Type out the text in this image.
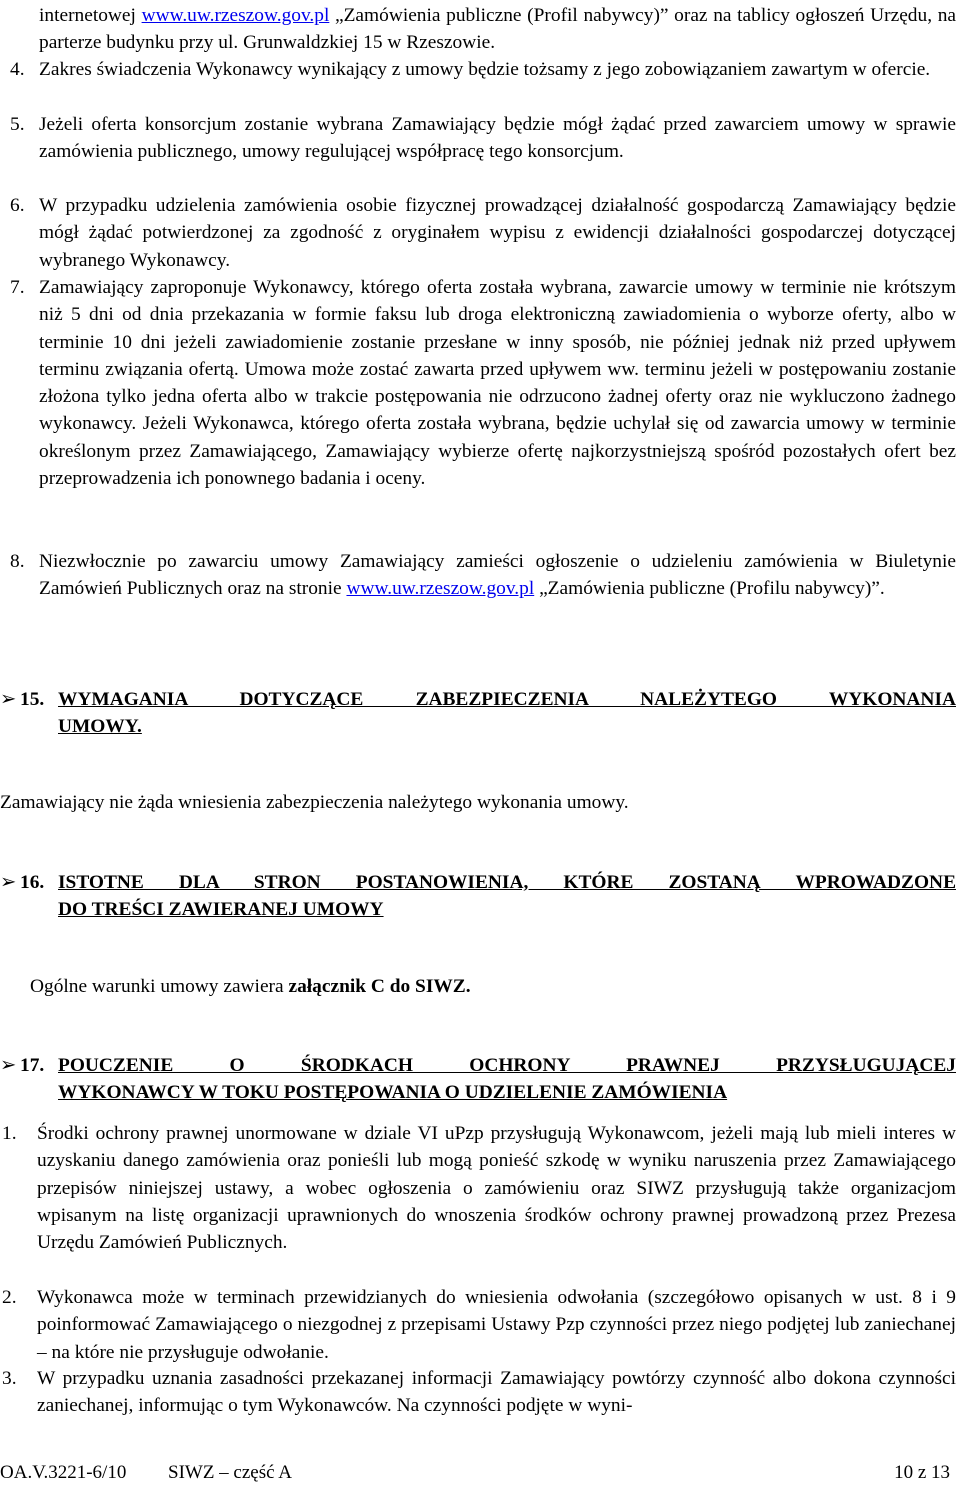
internetowej www.uw.rzeszow.gov.pl „Zamówienia publiczne (Profil nabywcy)” oraz na tablicy ogłoszeń Urzędu, na parterze budynku przy ul. Grunwaldzkiej 15 w Rzeszowie.
4. Zakres świadczenia Wykonawcy wynikający z umowy będzie tożsamy z jego zobowiązaniem zawartym w ofercie.
5. Jeżeli oferta konsorcjum zostanie wybrana Zamawiający będzie mógł żądać przed zawarciem umowy w sprawie zamówienia publicznego, umowy regulującej współpracę tego konsorcjum.
6. W przypadku udzielenia zamówienia osobie fizycznej prowadzącej działalność gospodarczą Zamawiający będzie mógł żądać potwierdzonej za zgodność z oryginałem wypisu z ewidencji działalności gospodarczej dotyczącej wybranego Wykonawcy.
7. Zamawiający zaproponuje Wykonawcy, którego oferta została wybrana, zawarcie umowy w terminie nie krótszym niż 5 dni od dnia przekazania w formie faksu lub droga elektroniczną zawiadomienia o wyborze oferty, albo w terminie 10 dni jeżeli zawiadomienie zostanie przesłane w inny sposób, nie później jednak niż przed upływem terminu związania ofertą. Umowa może zostać zawarta przed upływem ww. terminu jeżeli w postępowaniu zostanie złożona tylko jedna oferta albo w trakcie postępowania nie odrzucono żadnej oferty oraz nie wykluczono żadnego wykonawcy. Jeżeli Wykonawca, którego oferta została wybrana, będzie uchylał się od zawarcia umowy w terminie określonym przez Zamawiającego, Zamawiający wybierze ofertę najkorzystniejszą spośród pozostałych ofert bez przeprowadzenia ich ponownego badania i oceny.
8. Niezwłocznie po zawarciu umowy Zamawiający zamieści ogłoszenie o udzieleniu zamówienia w Biuletynie Zamówień Publicznych oraz na stronie www.uw.rzeszow.gov.pl „Zamówienia publiczne (Profilu nabywcy)”.
➢ 15. WYMAGANIA DOTYCZĄCE ZABEZPIECZENIA NALEŻYTEGO WYKONANIA
UMOWY.
Zamawiający nie żąda wniesienia zabezpieczenia należytego wykonania umowy.
➢ 16. ISTOTNE DLA STRON POSTANOWIENIA, KTÓRE ZOSTANĄ WPROWADZONE
DO TREŚCI ZAWIERANEJ UMOWY
Ogólne warunki umowy zawiera załącznik C do SIWZ.
➢ 17. POUCZENIE O ŚRODKACH OCHRONY PRAWNEJ PRZYSŁUGUJĄCEJ
WYKONAWCY W TOKU POSTĘPOWANIA O UDZIELENIE ZAMÓWIENIA
1. Środki ochrony prawnej unormowane w dziale VI uPzp przysługują Wykonawcom, jeżeli mają lub mieli interes w uzyskaniu danego zamówienia oraz ponieśli lub mogą ponieść szkodę w wyniku naruszenia przez Zamawiającego przepisów niniejszej ustawy, a wobec ogłoszenia o zamówieniu oraz SIWZ przysługują także organizacjom wpisanym na listę organizacji uprawnionych do wnoszenia środków ochrony prawnej prowadzoną przez Prezesa Urzędu Zamówień Publicznych.
2. Wykonawca może w terminach przewidzianych do wniesienia odwołania (szczegółowo opisanych w ust. 8 i 9 poinformować Zamawiającego o niezgodnej z przepisami Ustawy Pzp czynności przez niego podjętej lub zaniechanej – na które nie przysługuje odwołanie.
3. W przypadku uznania zasadności przekazanej informacji Zamawiający powtórzy czynność albo dokona czynności zaniechanej, informując o tym Wykonawców. Na czynności podjęte w wyni-
OA.V.3221-6/10 SIWZ – część A	10 z 13
